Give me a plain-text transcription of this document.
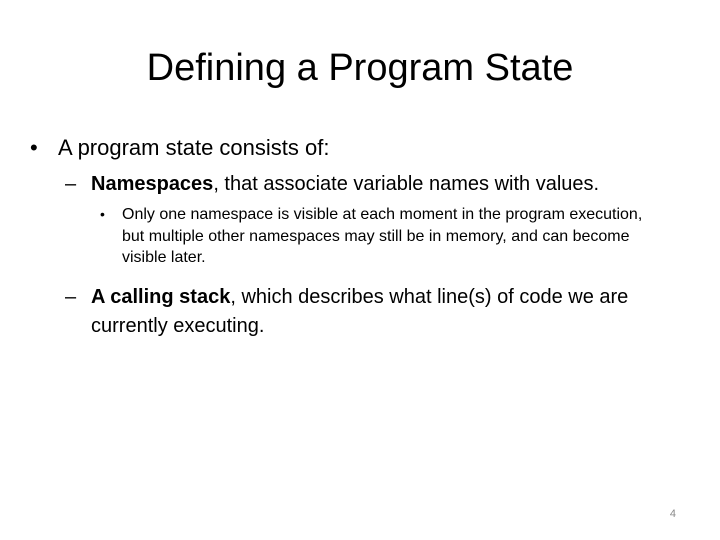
Defining a Program State
• A program state consists of:
– Namespaces, that associate variable names with values.
•	Only one namespace is visible at each moment in the program execution, but multiple other namespaces may still be in memory, and can become visible later.
– A calling stack, which describes what line(s) of code we are currently executing.
4
